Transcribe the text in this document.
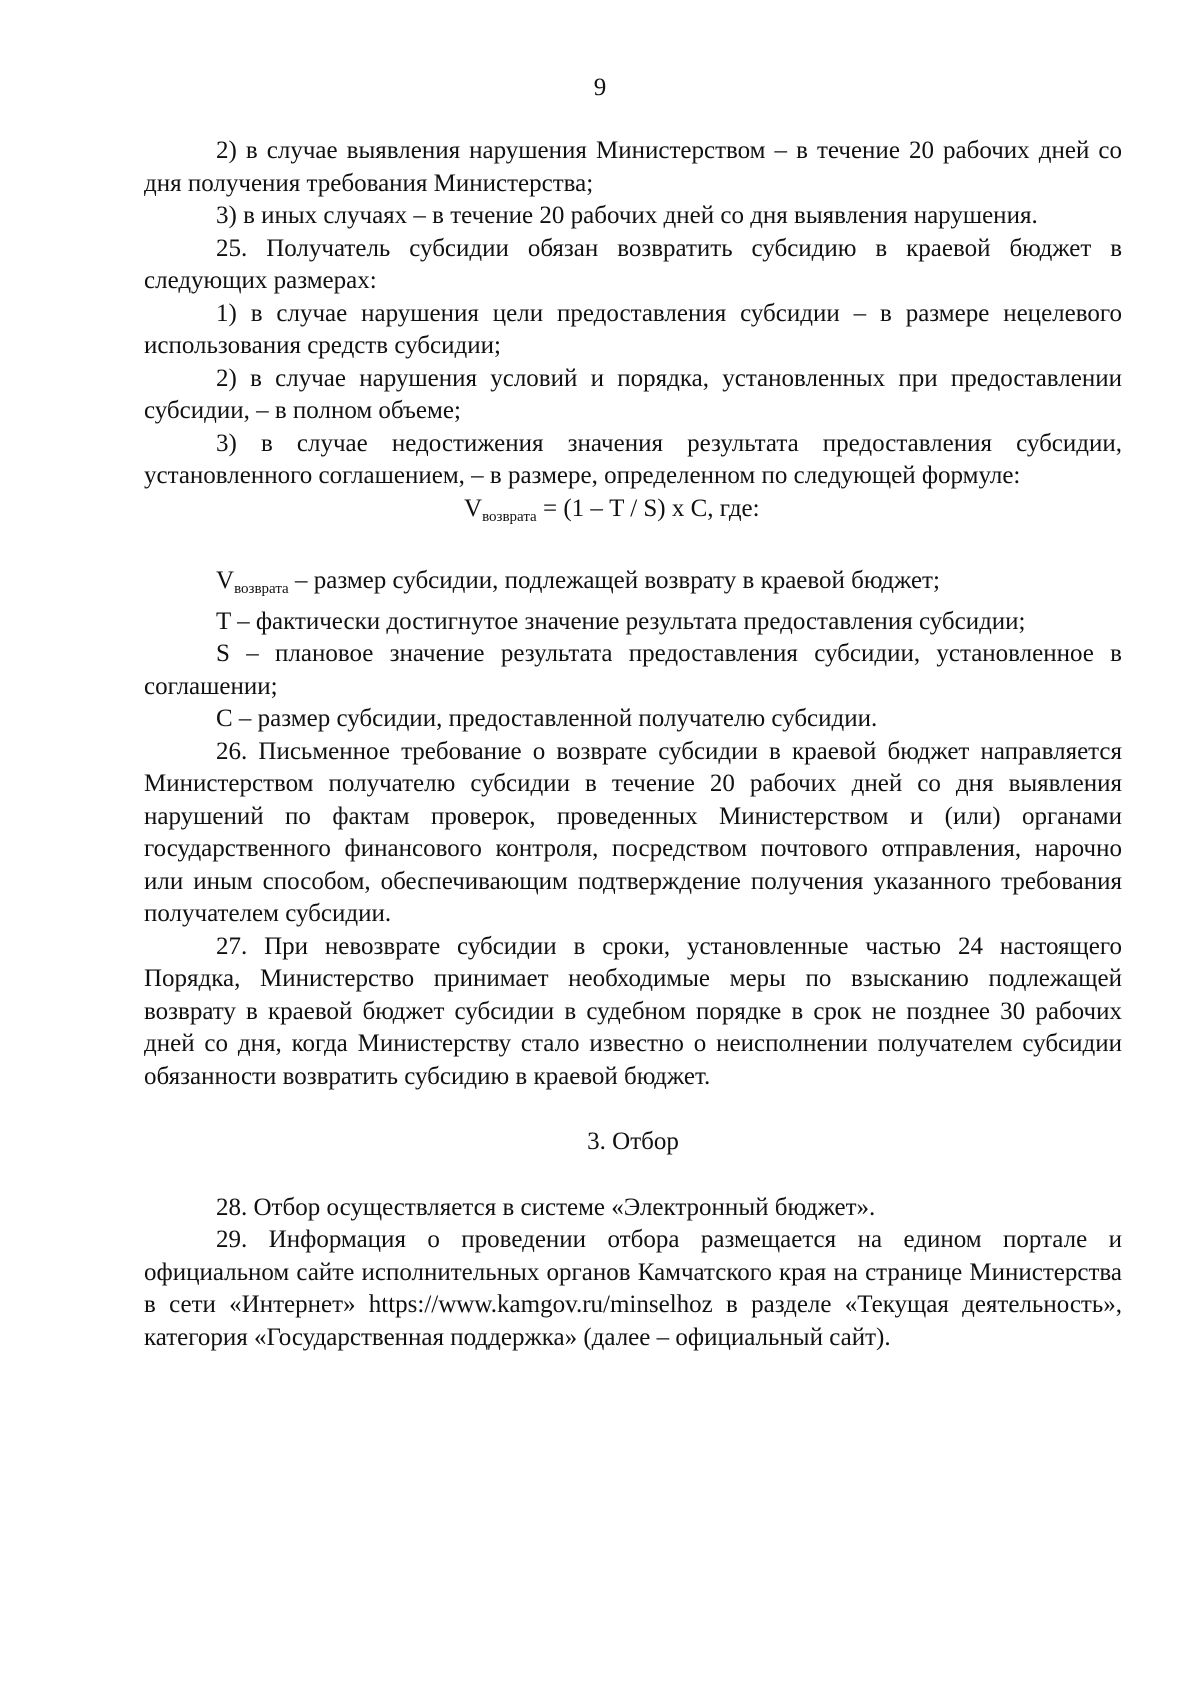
9

2) в случае выявления нарушения Министерством – в течение 20 рабочих дней со дня получения требования Министерства;

3) в иных случаях – в течение 20 рабочих дней со дня выявления нарушения.

25. Получатель субсидии обязан возвратить субсидию в краевой бюджет в следующих размерах:

1) в случае нарушения цели предоставления субсидии – в размере нецелевого использования средств субсидии;

2) в случае нарушения условий и порядка, установленных при предоставлении субсидии, – в полном объеме;

3) в случае недостижения значения результата предоставления субсидии, установленного соглашением, – в размере, определенном по следующей формуле:

$V_{возврата} = (1 - T / S)$ x C, где:

$V_{возврата}$ – размер субсидии, подлежащей возврату в краевой бюджет;

T – фактически достигнутое значение результата предоставления субсидии;

S – плановое значение результата предоставления субсидии, установленное в соглашении;

C – размер субсидии, предоставленной получателю субсидии.

26. Письменное требование о возврате субсидии в краевой бюджет направляется Министерством получателю субсидии в течение 20 рабочих дней со дня выявления нарушений по фактам проверок, проведенных Министерством и (или) органами государственного финансового контроля, посредством почтового отправления, нарочно или иным способом, обеспечивающим подтверждение получения указанного требования получателем субсидии.

27. При невозврате субсидии в сроки, установленные частью 24 настоящего Порядка, Министерство принимает необходимые меры по взысканию подлежащей возврату в краевой бюджет субсидии в судебном порядке в срок не позднее 30 рабочих дней со дня, когда Министерству стало известно о неисполнении получателем субсидии обязанности возвратить субсидию в краевой бюджет.

3. Отбор

28. Отбор осуществляется в системе «Электронный бюджет».

29. Информация о проведении отбора размещается на едином портале и официальном сайте исполнительных органов Камчатского края на странице Министерства в сети «Интернет» https://www.kamgov.ru/minselhoz в разделе «Текущая деятельность», категория «Государственная поддержка» (далее – официальный сайт).
